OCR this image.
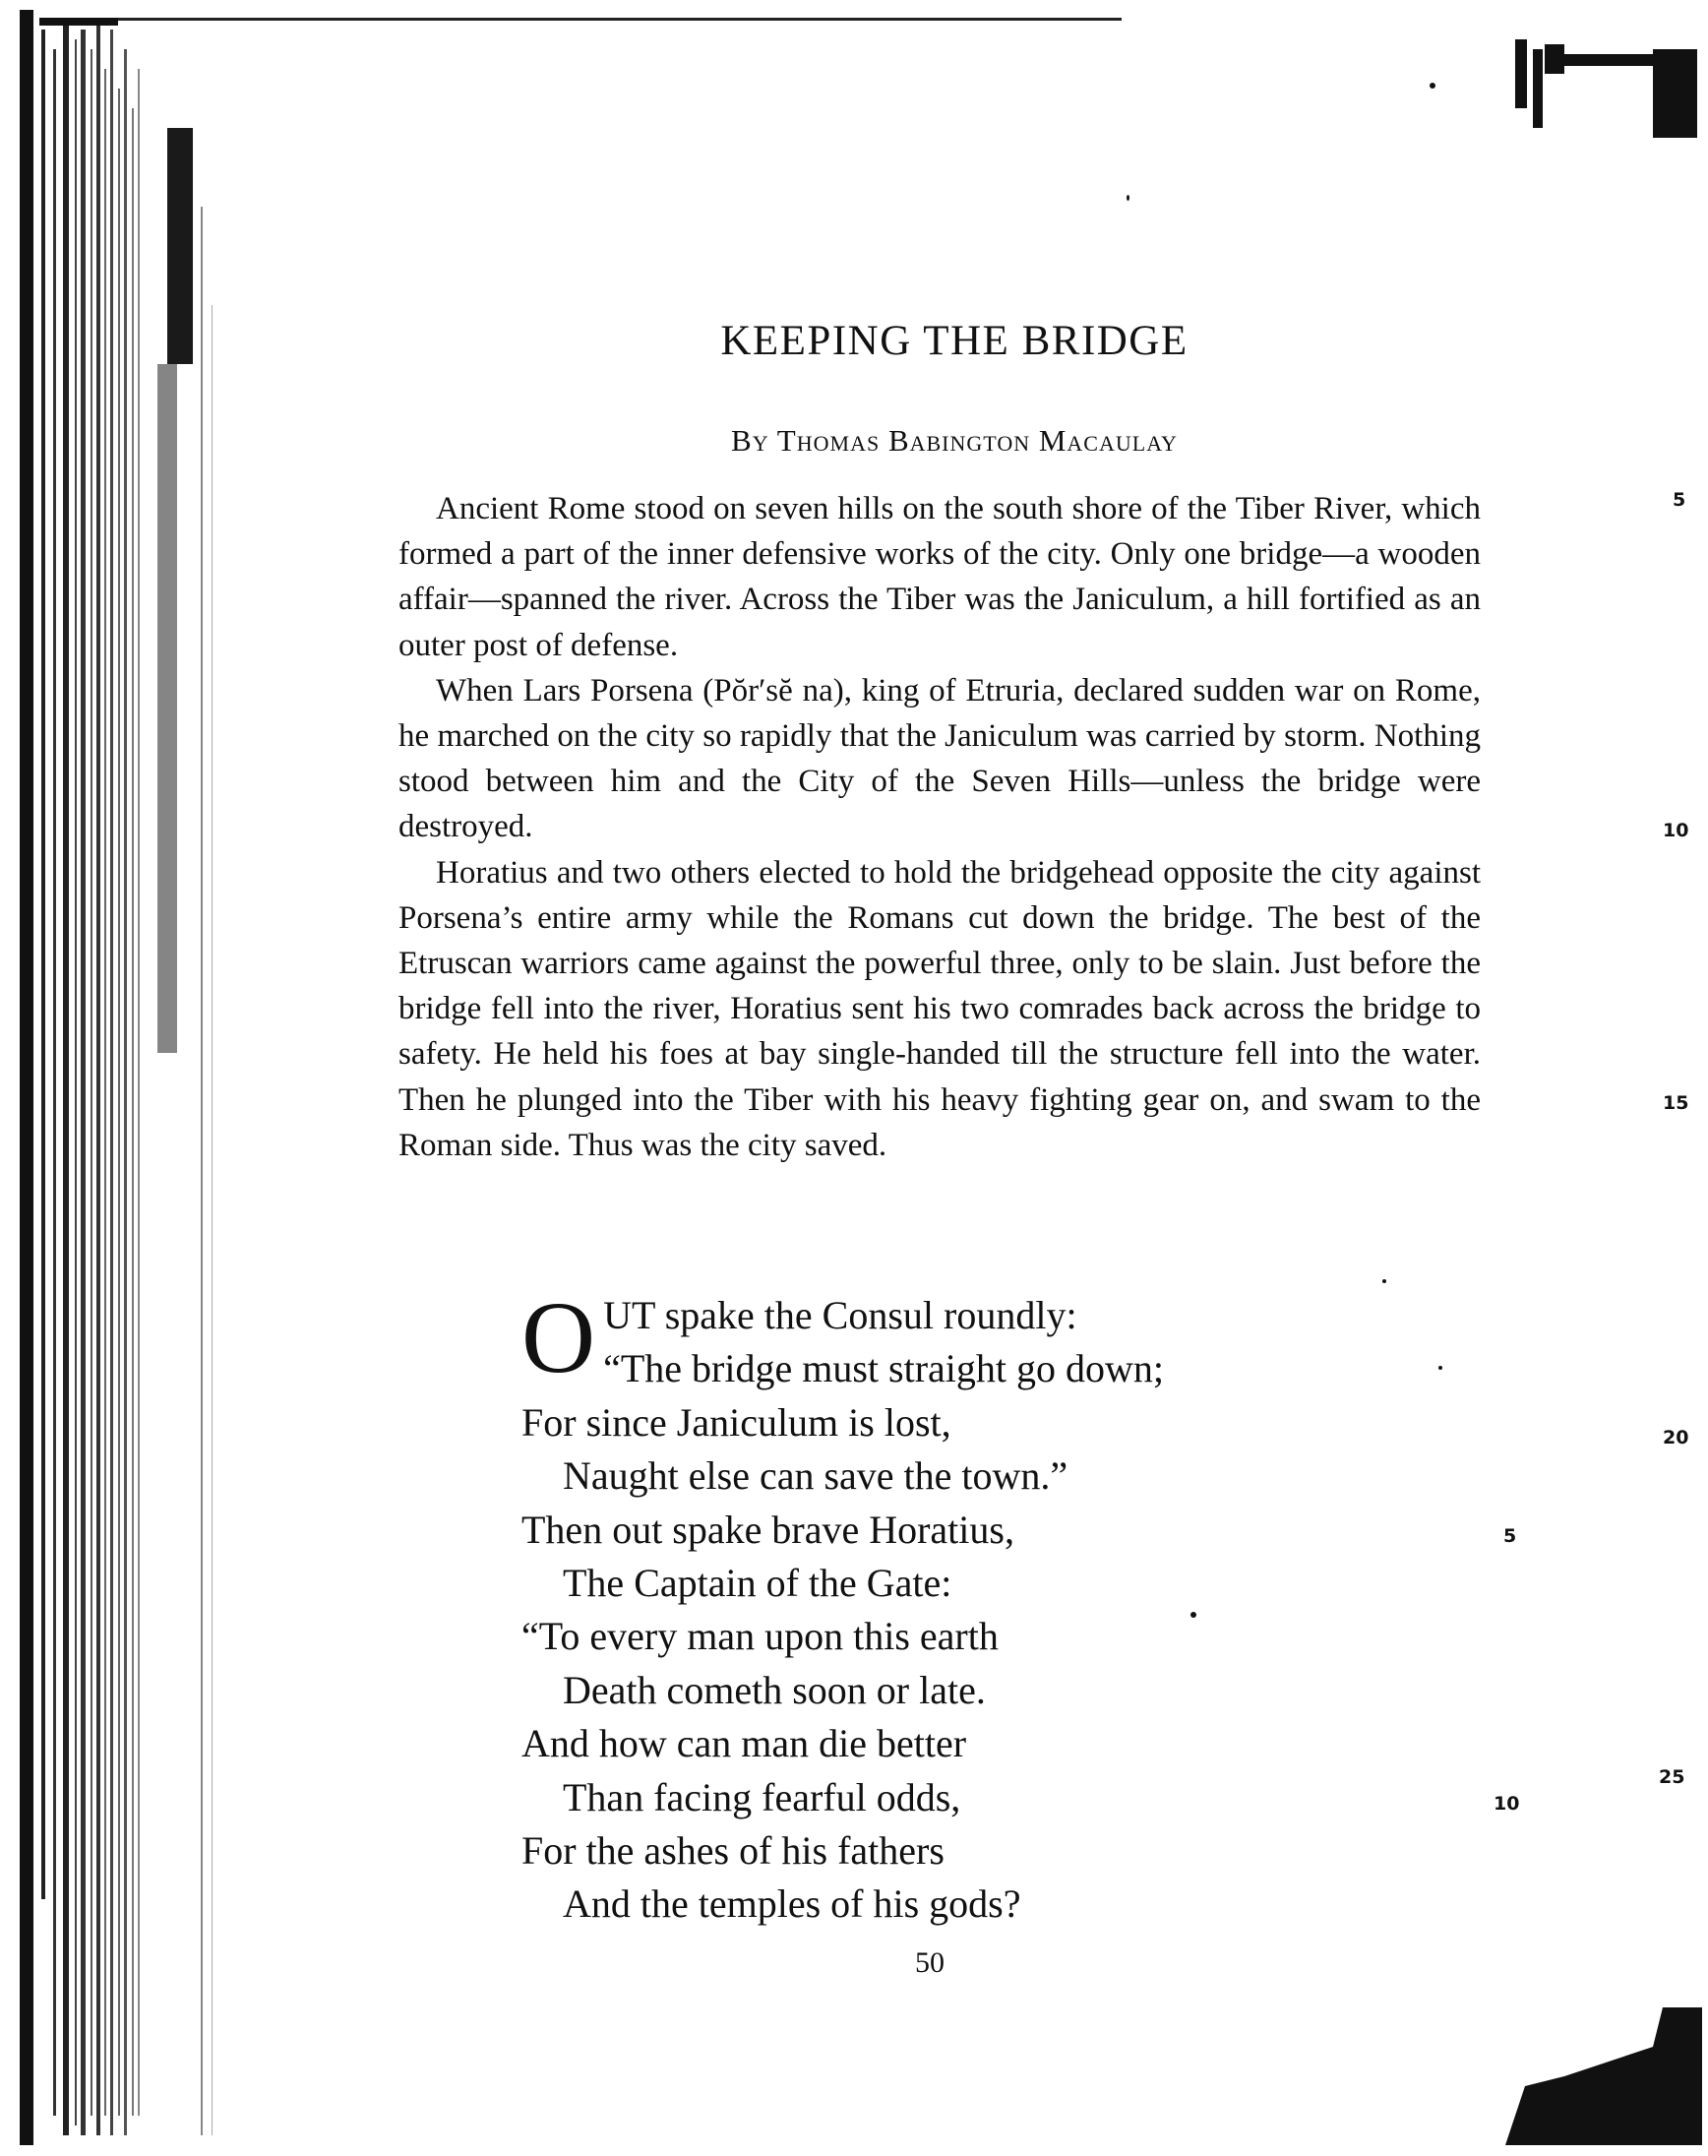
KEEPING THE BRIDGE
By Thomas Babington Macaulay

Ancient Rome stood on seven hills on the south shore of the Tiber River, which formed a part of the inner defensive works of the city. Only one bridge—a wooden affair—spanned the river. Across the Tiber was the Janiculum, a hill fortified as an outer post of defense.

When Lars Porsena (Pŏr′sĕ na), king of Etruria, declared sudden war on Rome, he marched on the city so rapidly that the Janiculum was carried by storm. Nothing stood between him and the City of the Seven Hills—unless the bridge were destroyed.

Horatius and two others elected to hold the bridgehead opposite the city against Porsena’s entire army while the Romans cut down the bridge. The best of the Etruscan warriors came against the powerful three, only to be slain. Just before the bridge fell into the river, Horatius sent his two comrades back across the bridge to safety. He held his foes at bay single-handed till the structure fell into the water. Then he plunged into the Tiber with his heavy fighting gear on, and swam to the Roman side. Thus was the city saved.

OUT spake the Consul roundly:
“The bridge must straight go down;
For since Janiculum is lost,
Naught else can save the town.”
Then out spake brave Horatius,
The Captain of the Gate:
“To every man upon this earth
Death cometh soon or late.
And how can man die better
Than facing fearful odds,
For the ashes of his fathers
And the temples of his gods?
5
10
5
10
15
20
25
50
